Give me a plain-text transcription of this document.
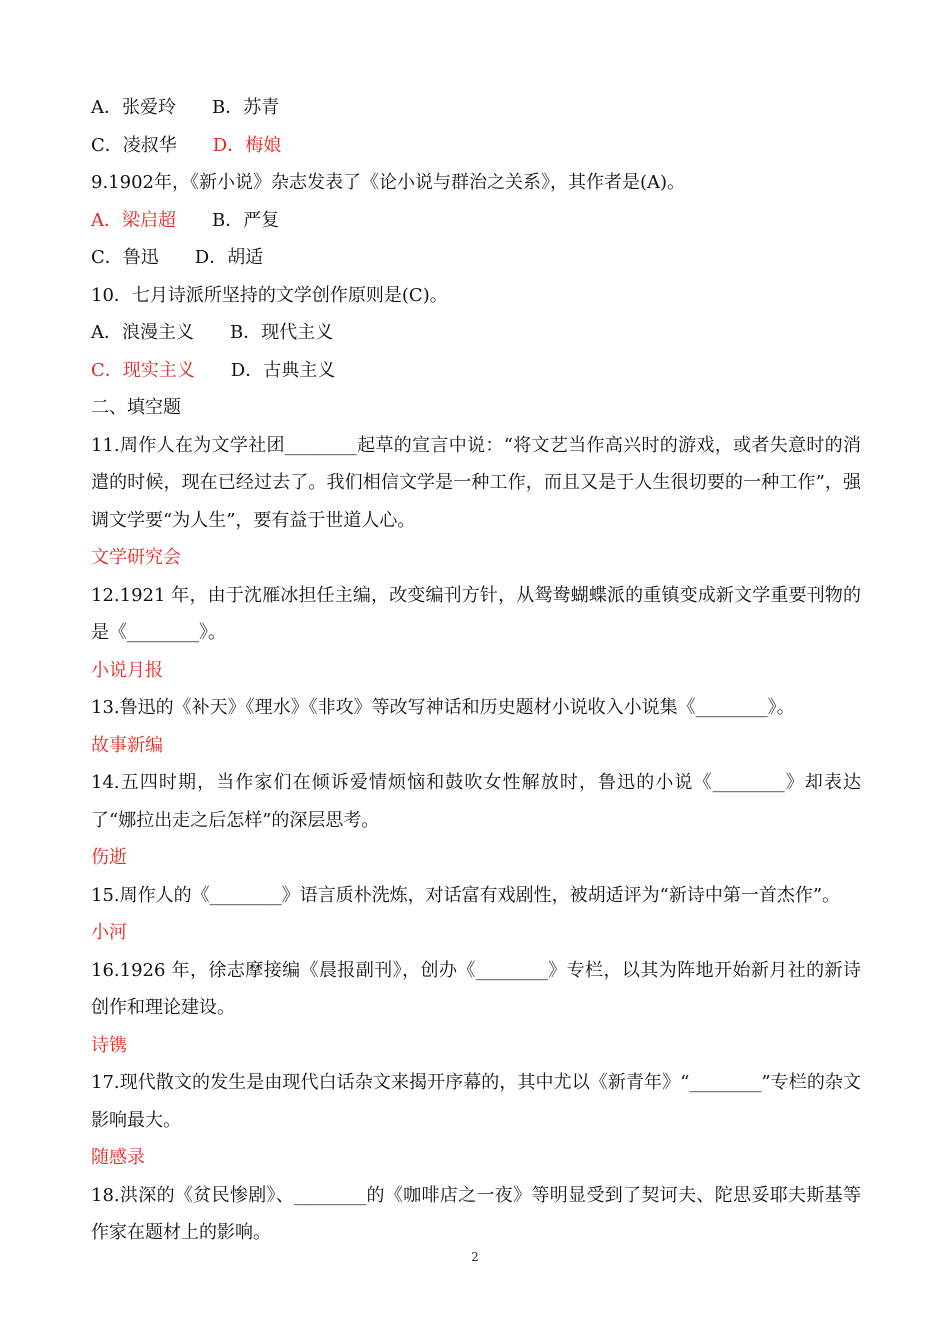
A．张爱玲 B．苏青
C．凌叔华 D．梅娘
9.1902年，《新小说》杂志发表了《论小说与群治之关系》，其作者是(A)。
A．梁启超 B．严复
C．鲁迅 D．胡适
10．七月诗派所坚持的文学创作原则是(C)。
A．浪漫主义 B．现代主义
C．现实主义 D．古典主义
二、填空题
11.周作人在为文学社团________起草的宣言中说：“将文艺当作高兴时的游戏，或者失意时的消遣的时候，现在已经过去了。我们相信文学是一种工作，而且又是于人生很切要的一种工作”，强调文学要“为人生”，要有益于世道人心。
文学研究会
12.1921 年，由于沈雁冰担任主编，改变编刊方针，从鸳鸯蝴蝶派的重镇变成新文学重要刊物的是《________》。
小说月报
13.鲁迅的《补天》《理水》《非攻》等改写神话和历史题材小说收入小说集《________》。
故事新编
14.五四时期，当作家们在倾诉爱情烦恼和鼓吹女性解放时，鲁迅的小说《________》却表达了“娜拉出走之后怎样”的深层思考。
伤逝
15.周作人的《________》语言质朴洗炼，对话富有戏剧性，被胡适评为“新诗中第一首杰作”。
小河
16.1926 年，徐志摩接编《晨报副刊》，创办《________》专栏，以其为阵地开始新月社的新诗创作和理论建设。
诗镌
17.现代散文的发生是由现代白话杂文来揭开序幕的，其中尤以《新青年》“________”专栏的杂文影响最大。
随感录
18.洪深的《贫民惨剧》、________的《咖啡店之一夜》等明显受到了契诃夫、陀思妥耶夫斯基等作家在题材上的影响。
2
